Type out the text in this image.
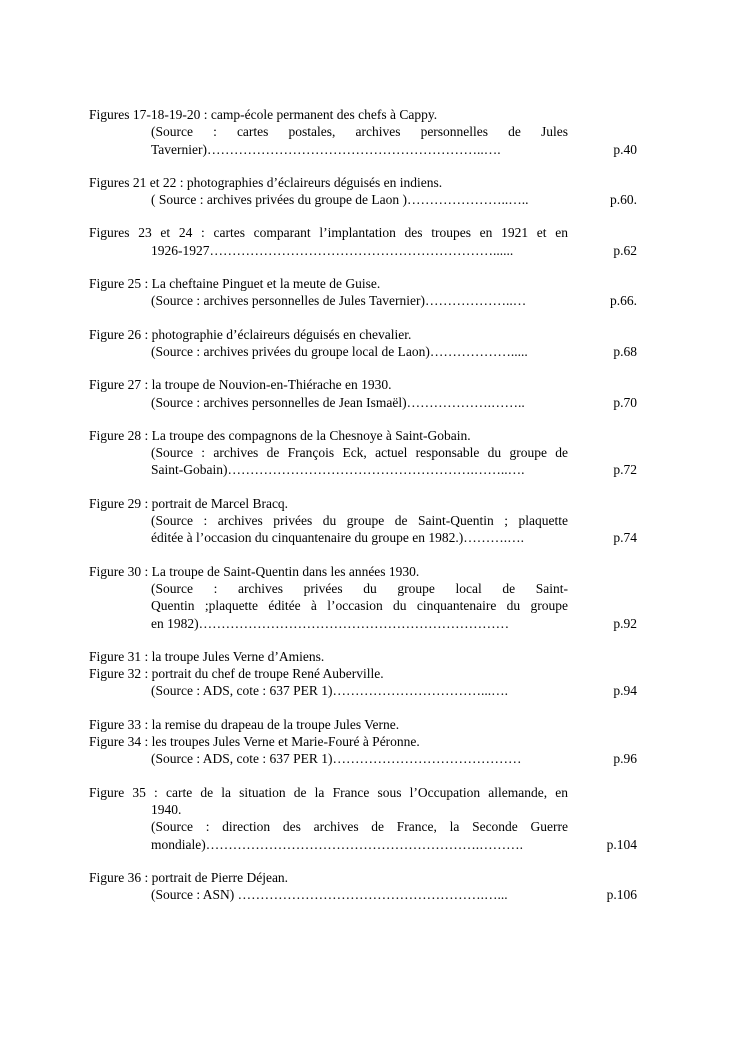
Figures 17-18-19-20 : camp-école permanent des chefs à Cappy.
(Source : cartes postales, archives personnelles de Jules
Tavernier)……………………………………………………..….	p.40
Figures 21 et 22 : photographies d’éclaireurs déguisés en indiens.
( Source : archives privées du groupe de Laon )…………………..…..	p.60.
Figures 23 et 24 : cartes comparant l’implantation des troupes en 1921 et en
1926-1927………………………………………………………......	p.62
Figure 25 : La cheftaine Pinguet et la meute de Guise.
(Source : archives personnelles de Jules Tavernier)………………..…	p.66.
Figure 26 : photographie d’éclaireurs déguisés en chevalier.
(Source : archives privées du groupe local de Laon)……………….....	p.68
Figure 27 : la troupe de Nouvion-en-Thiérache en 1930.
(Source : archives personnelles de Jean Ismaël)……………….……..	p.70
Figure 28 : La troupe des compagnons de la Chesnoye à Saint-Gobain.
(Source : archives de François Eck, actuel responsable du groupe de
Saint-Gobain)……………………………………………….……..….	p.72
Figure 29 : portrait de Marcel Bracq.
(Source : archives privées du groupe de Saint-Quentin ; plaquette
éditée à l’occasion du cinquantenaire du groupe en 1982.)……….….	p.74
Figure 30 : La troupe de Saint-Quentin dans les années 1930.
(Source : archives privées du groupe local de Saint-
Quentin ;plaquette éditée à l’occasion du cinquantenaire du groupe
en 1982)……………………………………………………………	p.92
Figure 31 : la troupe Jules Verne d’Amiens.
Figure 32 : portrait du chef de troupe René Auberville.
(Source : ADS, cote : 637 PER 1)……………………………...….	p.94
Figure 33 : la remise du drapeau de la troupe Jules Verne.
Figure 34 : les troupes Jules Verne et Marie-Fouré à Péronne.
(Source : ADS, cote : 637 PER 1)……………………………………	p.96
Figure 35 : carte de la situation de la France sous l’Occupation allemande, en
1940.
(Source : direction des archives de France, la Seconde Guerre
mondiale)…………………………………………………….……….	p.104
Figure 36 : portrait de Pierre Déjean.
(Source : ASN) ……………………………………………….…...	p.106
